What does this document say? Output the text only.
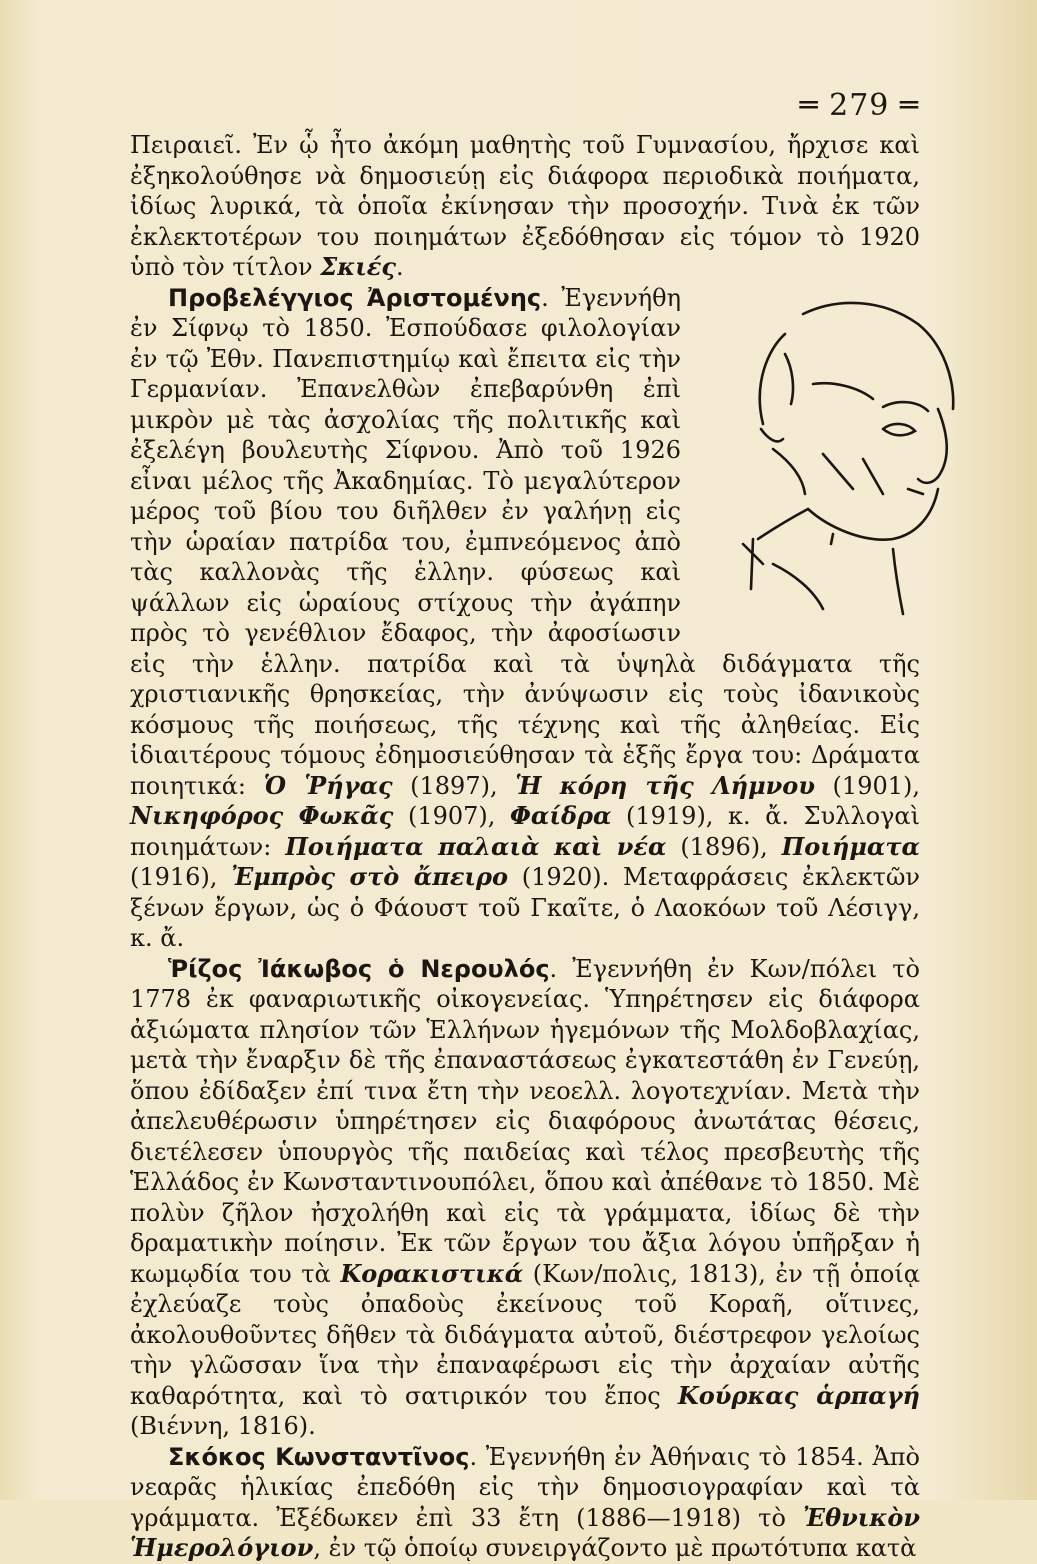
═ 279 ═

Πειραιεῖ. Ἐν ᾧ ἦτο ἀκόμη μαθητὴς τοῦ Γυμνασίου, ἤρχισε καὶ ἐξηκολούθησε νὰ δημοσιεύῃ εἰς διάφορα περιοδικὰ ποιήματα, ἰδίως λυρικά, τὰ ὁποῖα ἐκίνησαν τὴν προσοχήν. Τινὰ ἐκ τῶν ἐκλεκτοτέρων του ποιημάτων ἐξεδόθησαν εἰς τόμον τὸ 1920 ὑπὸ τὸν τίτλον Σκιές.

Προβελέγγιος Ἀριστομένης. Ἐγεννήθη ἐν Σίφνῳ τὸ 1850. Ἐσπούδασε φιλολογίαν ἐν τῷ Ἐθν. Πανεπιστημίῳ καὶ ἔπειτα εἰς τὴν Γερμανίαν. Ἐπανελθὼν ἐπεβαρύνθη ἐπὶ μικρὸν μὲ τὰς ἀσχολίας τῆς πολιτικῆς καὶ ἐξελέγη βουλευτὴς Σίφνου. Ἀπὸ τοῦ 1926 εἶναι μέλος τῆς Ἀκαδημίας. Τὸ μεγαλύτερον μέρος τοῦ βίου του διῆλθεν ἐν γαλήνῃ εἰς τὴν ὡραίαν πατρίδα του, ἐμπνεόμενος ἀπὸ τὰς καλλονὰς τῆς ἑλλην. φύσεως καὶ ψάλλων εἰς ὡραίους στίχους τὴν ἀγάπην πρὸς τὸ γενέθλιον ἔδαφος, τὴν ἀφοσίωσιν εἰς τὴν ἑλλην. πατρίδα καὶ τὰ ὑψηλὰ διδάγματα τῆς χριστιανικῆς θρησκείας, τὴν ἀνύψωσιν εἰς τοὺς ἰδανικοὺς κόσμους τῆς ποιήσεως, τῆς τέχνης καὶ τῆς ἀληθείας. Εἰς ἰδιαιτέρους τόμους ἐδημοσιεύθησαν τὰ ἑξῆς ἔργα του: Δράματα ποιητικά: Ὁ Ῥήγας (1897), Ἡ κόρη τῆς Λήμνου (1901), Νικηφόρος Φωκᾶς (1907), Φαίδρα (1919), κ. ἄ. Συλλογαὶ ποιημάτων: Ποιήματα παλαιὰ καὶ νέα (1896), Ποιήματα (1916), Ἐμπρὸς στὸ ἄπειρο (1920). Μεταφράσεις ἐκλεκτῶν ξένων ἔργων, ὡς ὁ Φάουστ τοῦ Γκαῖτε, ὁ Λαοκόων τοῦ Λέσιγγ, κ. ἄ.

Ῥίζος Ἰάκωβος ὁ Νερουλός. Ἐγεννήθη ἐν Κων/πόλει τὸ 1778 ἐκ φαναριωτικῆς οἰκογενείας. Ὑπηρέτησεν εἰς διάφορα ἀξιώματα πλησίον τῶν Ἑλλήνων ἡγεμόνων τῆς Μολδοβλαχίας, μετὰ τὴν ἔναρξιν δὲ τῆς ἐπαναστάσεως ἐγκατεστάθη ἐν Γενεύῃ, ὅπου ἐδίδαξεν ἐπί τινα ἔτη τὴν νεοελλ. λογοτεχνίαν. Μετὰ τὴν ἀπελευθέρωσιν ὑπηρέτησεν εἰς διαφόρους ἀνωτάτας θέσεις, διετέλεσεν ὑπουργὸς τῆς παιδείας καὶ τέλος πρεσβευτὴς τῆς Ἑλλάδος ἐν Κωνσταντινουπόλει, ὅπου καὶ ἀπέθανε τὸ 1850. Μὲ πολὺν ζῆλον ἠσχολήθη καὶ εἰς τὰ γράμματα, ἰδίως δὲ τὴν δραματικὴν ποίησιν. Ἐκ τῶν ἔργων του ἄξια λόγου ὑπῆρξαν ἡ κωμῳδία του τὰ Κορακιστικά (Κων/πολις, 1813), ἐν τῇ ὁποίᾳ ἐχλεύαζε τοὺς ὀπαδοὺς ἐκείνους τοῦ Κοραῆ, οἵτινες, ἀκολουθοῦντες δῆθεν τὰ διδάγματα αὐτοῦ, διέστρεφον γελοίως τὴν γλῶσσαν ἵνα τὴν ἐπαναφέρωσι εἰς τὴν ἀρχαίαν αὐτῆς καθαρότητα, καὶ τὸ σατιρικόν του ἔπος Κούρκας ἁρπαγή (Βιέννη, 1816).

Σκόκος Κωνσταντῖνος. Ἐγεννήθη ἐν Ἀθήναις τὸ 1854. Ἀπὸ νεαρᾶς ἡλικίας ἐπεδόθη εἰς τὴν δημοσιογραφίαν καὶ τὰ γράμματα. Ἐξέδωκεν ἐπὶ 33 ἔτη (1886—1918) τὸ Ἐθνικὸν Ἡμερολόγιον, ἐν τῷ ὁποίῳ συνειργάζοντο μὲ πρωτότυπα κατὰ
